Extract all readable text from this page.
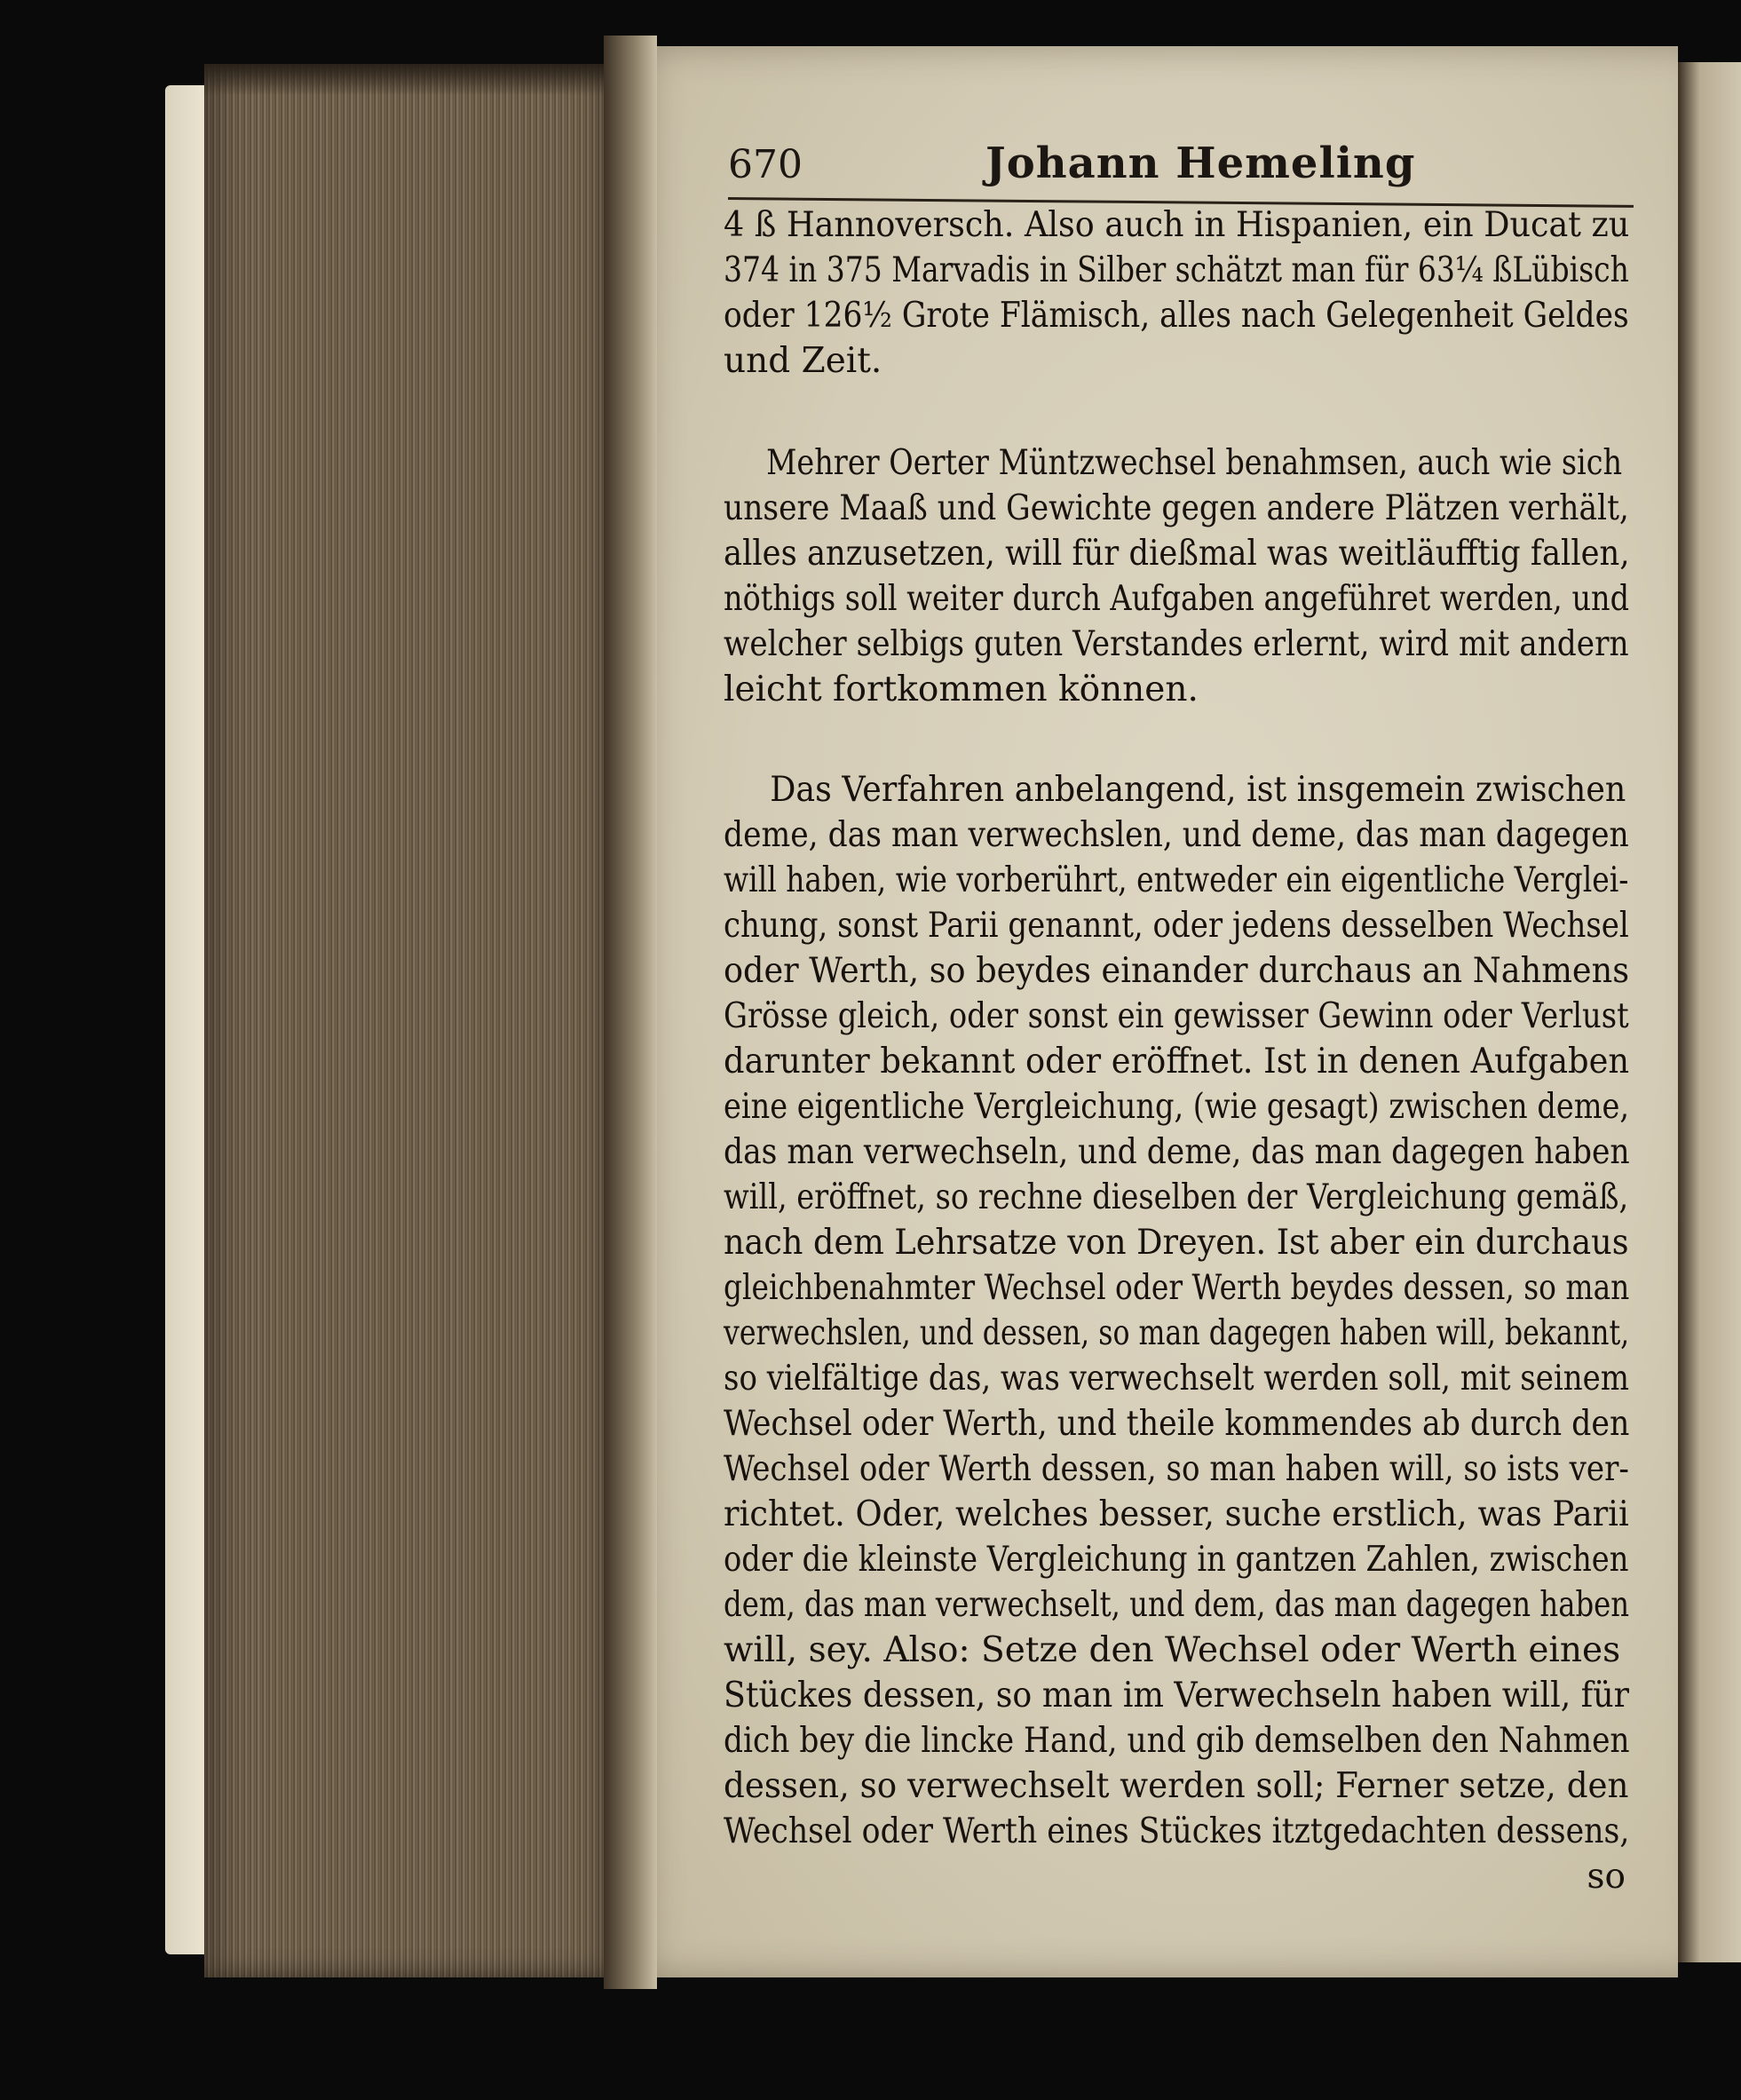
670	Johann Hemeling
4 ß Hannoversch. Also auch in Hispanien, ein Ducat zu
374 in 375 Marvadis in Silber schätzt man für 63¼ ßLübisch
oder 126½ Grote Flämisch, alles nach Gelegenheit Geldes
und Zeit.
Mehrer Oerter Müntzwechsel benahmsen, auch wie sich
unsere Maaß und Gewichte gegen andere Plätzen verhält,
alles anzusetzen, will für dießmal was weitläufftig fallen,
nöthigs soll weiter durch Aufgaben angeführet werden, und
welcher selbigs guten Verstandes erlernt, wird mit andern
leicht fortkommen können.
Das Verfahren anbelangend, ist insgemein zwischen
deme, das man verwechslen, und deme, das man dagegen
will haben, wie vorberührt, entweder ein eigentliche Verglei-
chung, sonst Parii genannt, oder jedens desselben Wechsel
oder Werth, so beydes einander durchaus an Nahmens
Grösse gleich, oder sonst ein gewisser Gewinn oder Verlust
darunter bekannt oder eröffnet. Ist in denen Aufgaben
eine eigentliche Vergleichung, (wie gesagt) zwischen deme,
das man verwechseln, und deme, das man dagegen haben
will, eröffnet, so rechne dieselben der Vergleichung gemäß,
nach dem Lehrsatze von Dreyen. Ist aber ein durchaus
gleichbenahmter Wechsel oder Werth beydes dessen, so man
verwechslen, und dessen, so man dagegen haben will, bekannt,
so vielfältige das, was verwechselt werden soll, mit seinem
Wechsel oder Werth, und theile kommendes ab durch den
Wechsel oder Werth dessen, so man haben will, so ists ver-
richtet. Oder, welches besser, suche erstlich, was Parii
oder die kleinste Vergleichung in gantzen Zahlen, zwischen
dem, das man verwechselt, und dem, das man dagegen haben
will, sey. Also: Setze den Wechsel oder Werth eines
Stückes dessen, so man im Verwechseln haben will, für
dich bey die lincke Hand, und gib demselben den Nahmen
dessen, so verwechselt werden soll; Ferner setze, den
Wechsel oder Werth eines Stückes itztgedachten dessens,
so
